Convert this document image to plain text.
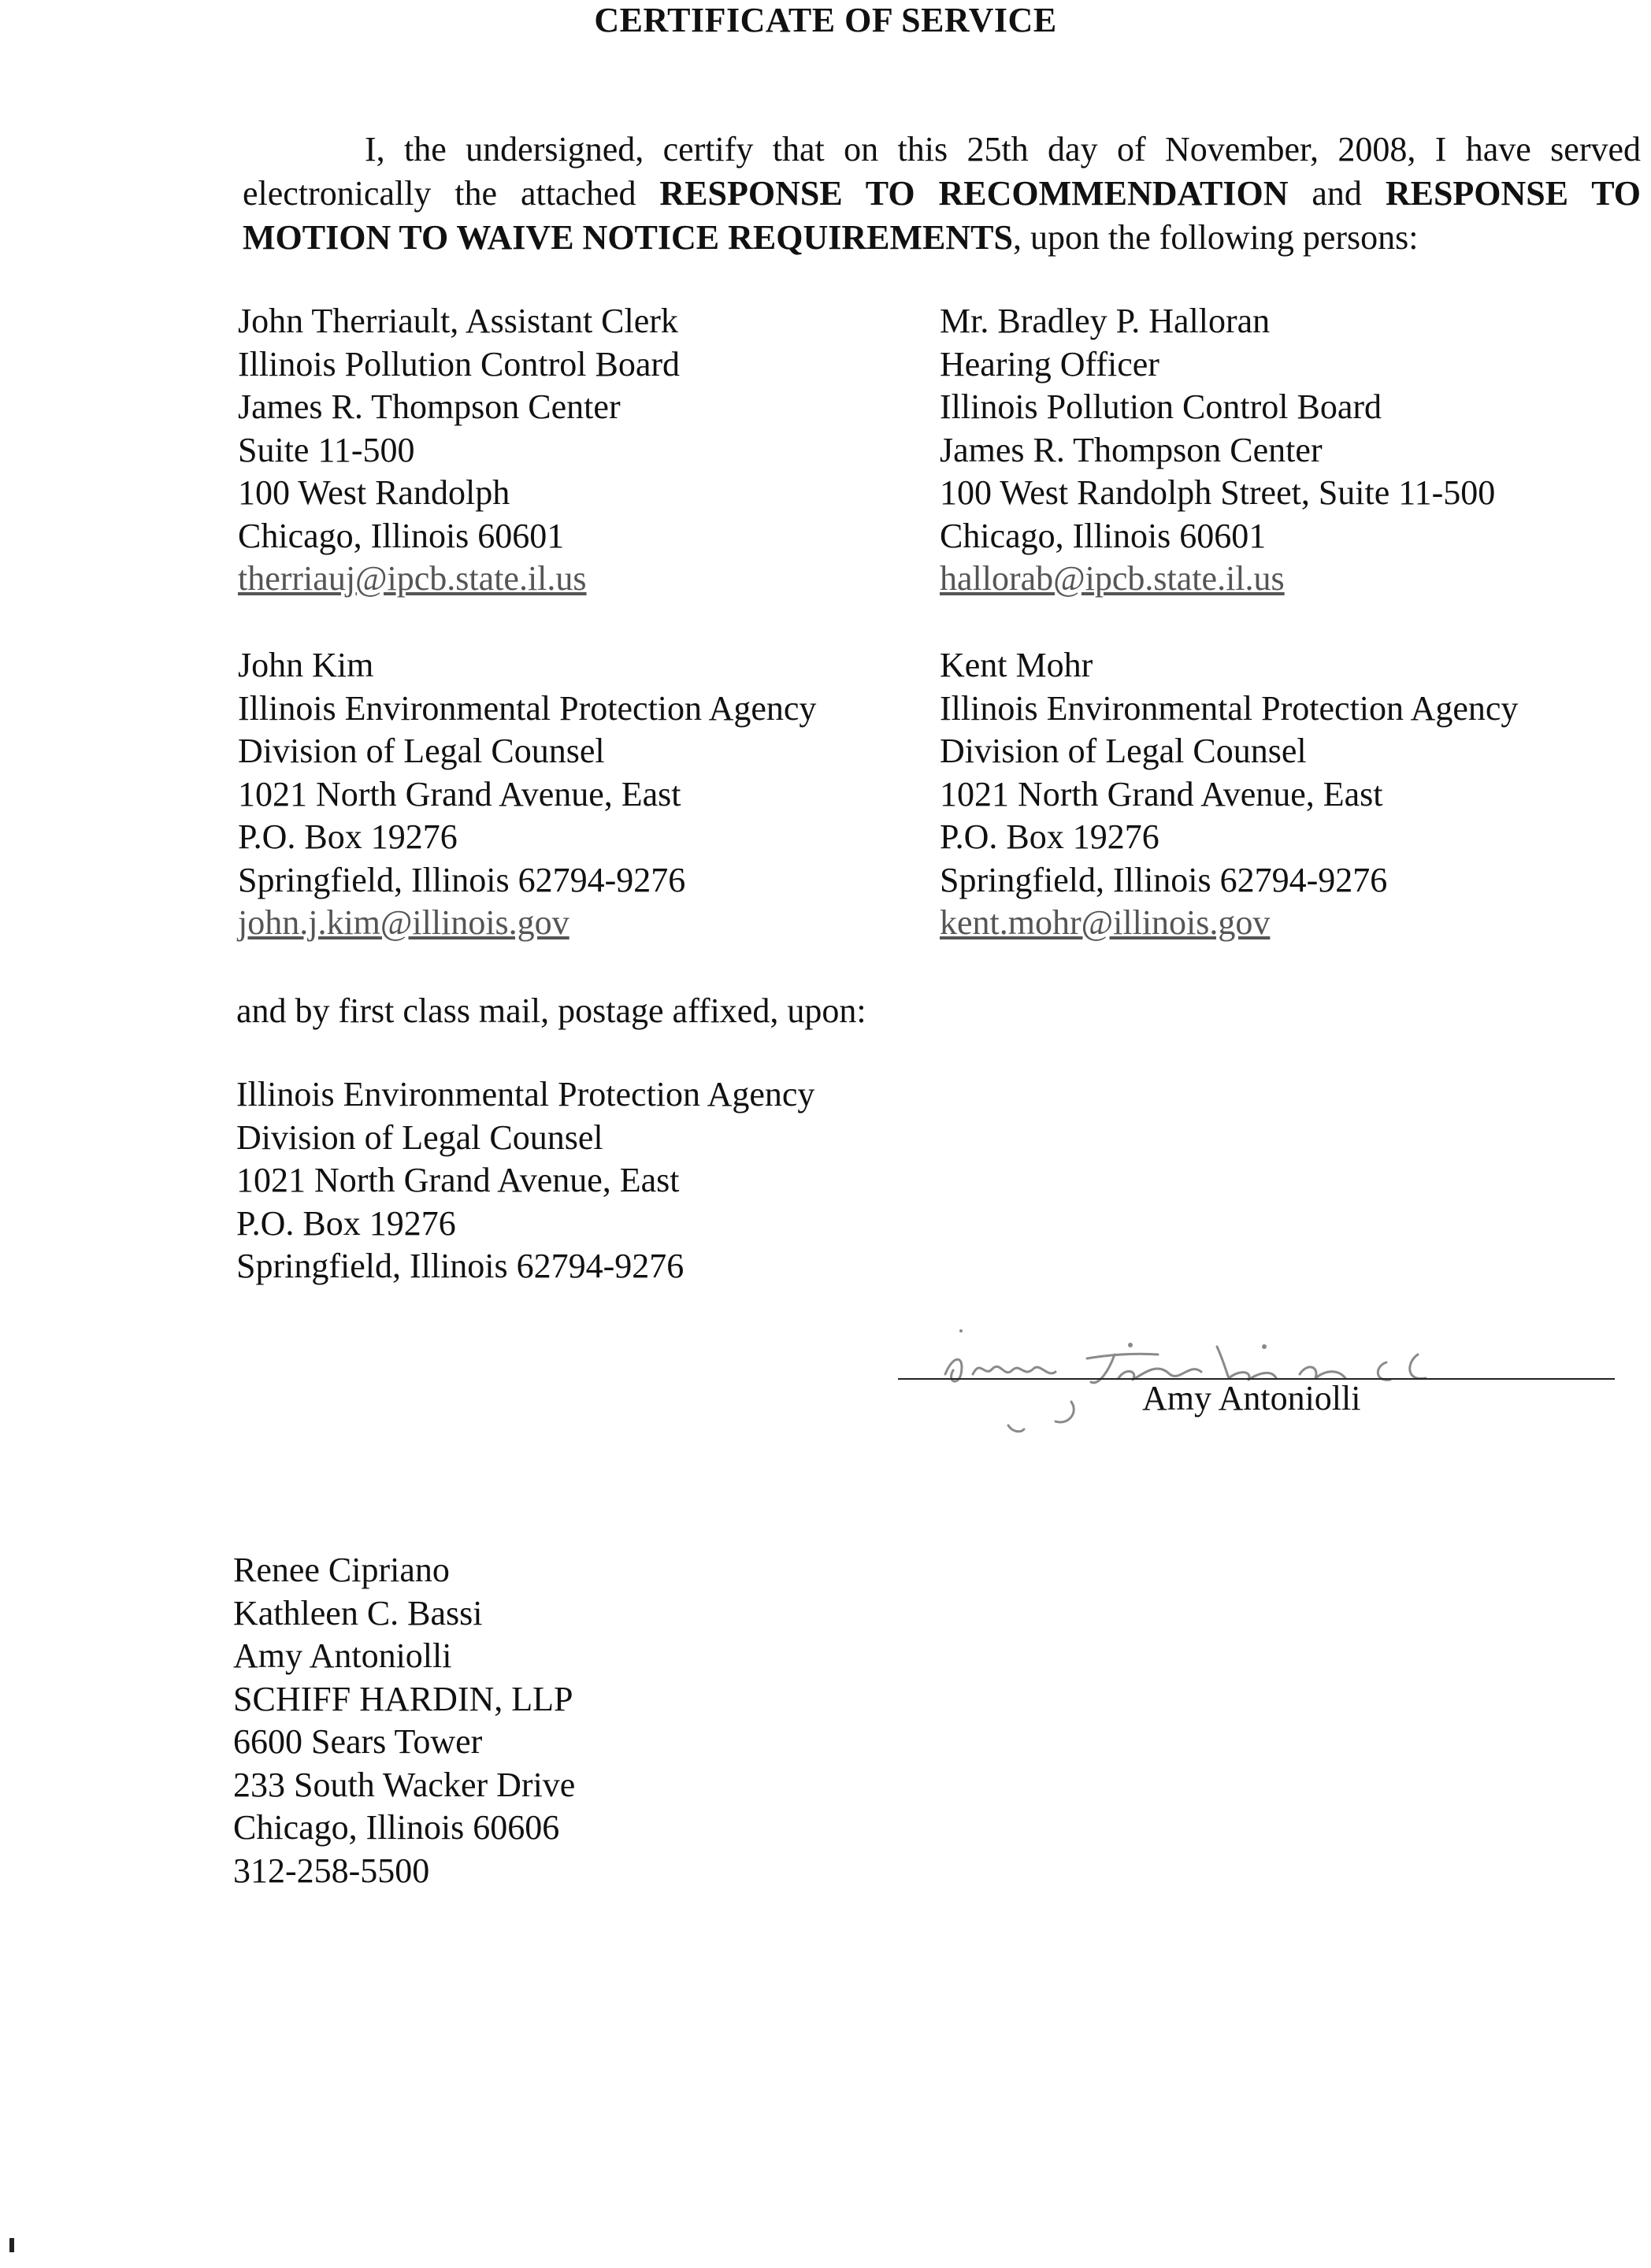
CERTIFICATE OF SERVICE
I, the undersigned, certify that on this 25th day of November, 2008, I have served electronically the attached RESPONSE TO RECOMMENDATION and RESPONSE TO MOTION TO WAIVE NOTICE REQUIREMENTS, upon the following persons:
John Therriault, Assistant Clerk
Illinois Pollution Control Board
James R. Thompson Center
Suite 11-500
100 West Randolph
Chicago, Illinois 60601
therriauj@ipcb.state.il.us
Mr. Bradley P. Halloran
Hearing Officer
Illinois Pollution Control Board
James R. Thompson Center
100 West Randolph Street, Suite 11-500
Chicago, Illinois 60601
hallorab@ipcb.state.il.us
John Kim
Illinois Environmental Protection Agency
Division of Legal Counsel
1021 North Grand Avenue, East
P.O. Box 19276
Springfield, Illinois 62794-9276
john.j.kim@illinois.gov
Kent Mohr
Illinois Environmental Protection Agency
Division of Legal Counsel
1021 North Grand Avenue, East
P.O. Box 19276
Springfield, Illinois 62794-9276
kent.mohr@illinois.gov
and by first class mail, postage affixed, upon:
Illinois Environmental Protection Agency
Division of Legal Counsel
1021 North Grand Avenue, East
P.O. Box 19276
Springfield, Illinois 62794-9276
Amy Antoniolli
Renee Cipriano
Kathleen C. Bassi
Amy Antoniolli
SCHIFF HARDIN, LLP
6600 Sears Tower
233 South Wacker Drive
Chicago, Illinois 60606
312-258-5500
